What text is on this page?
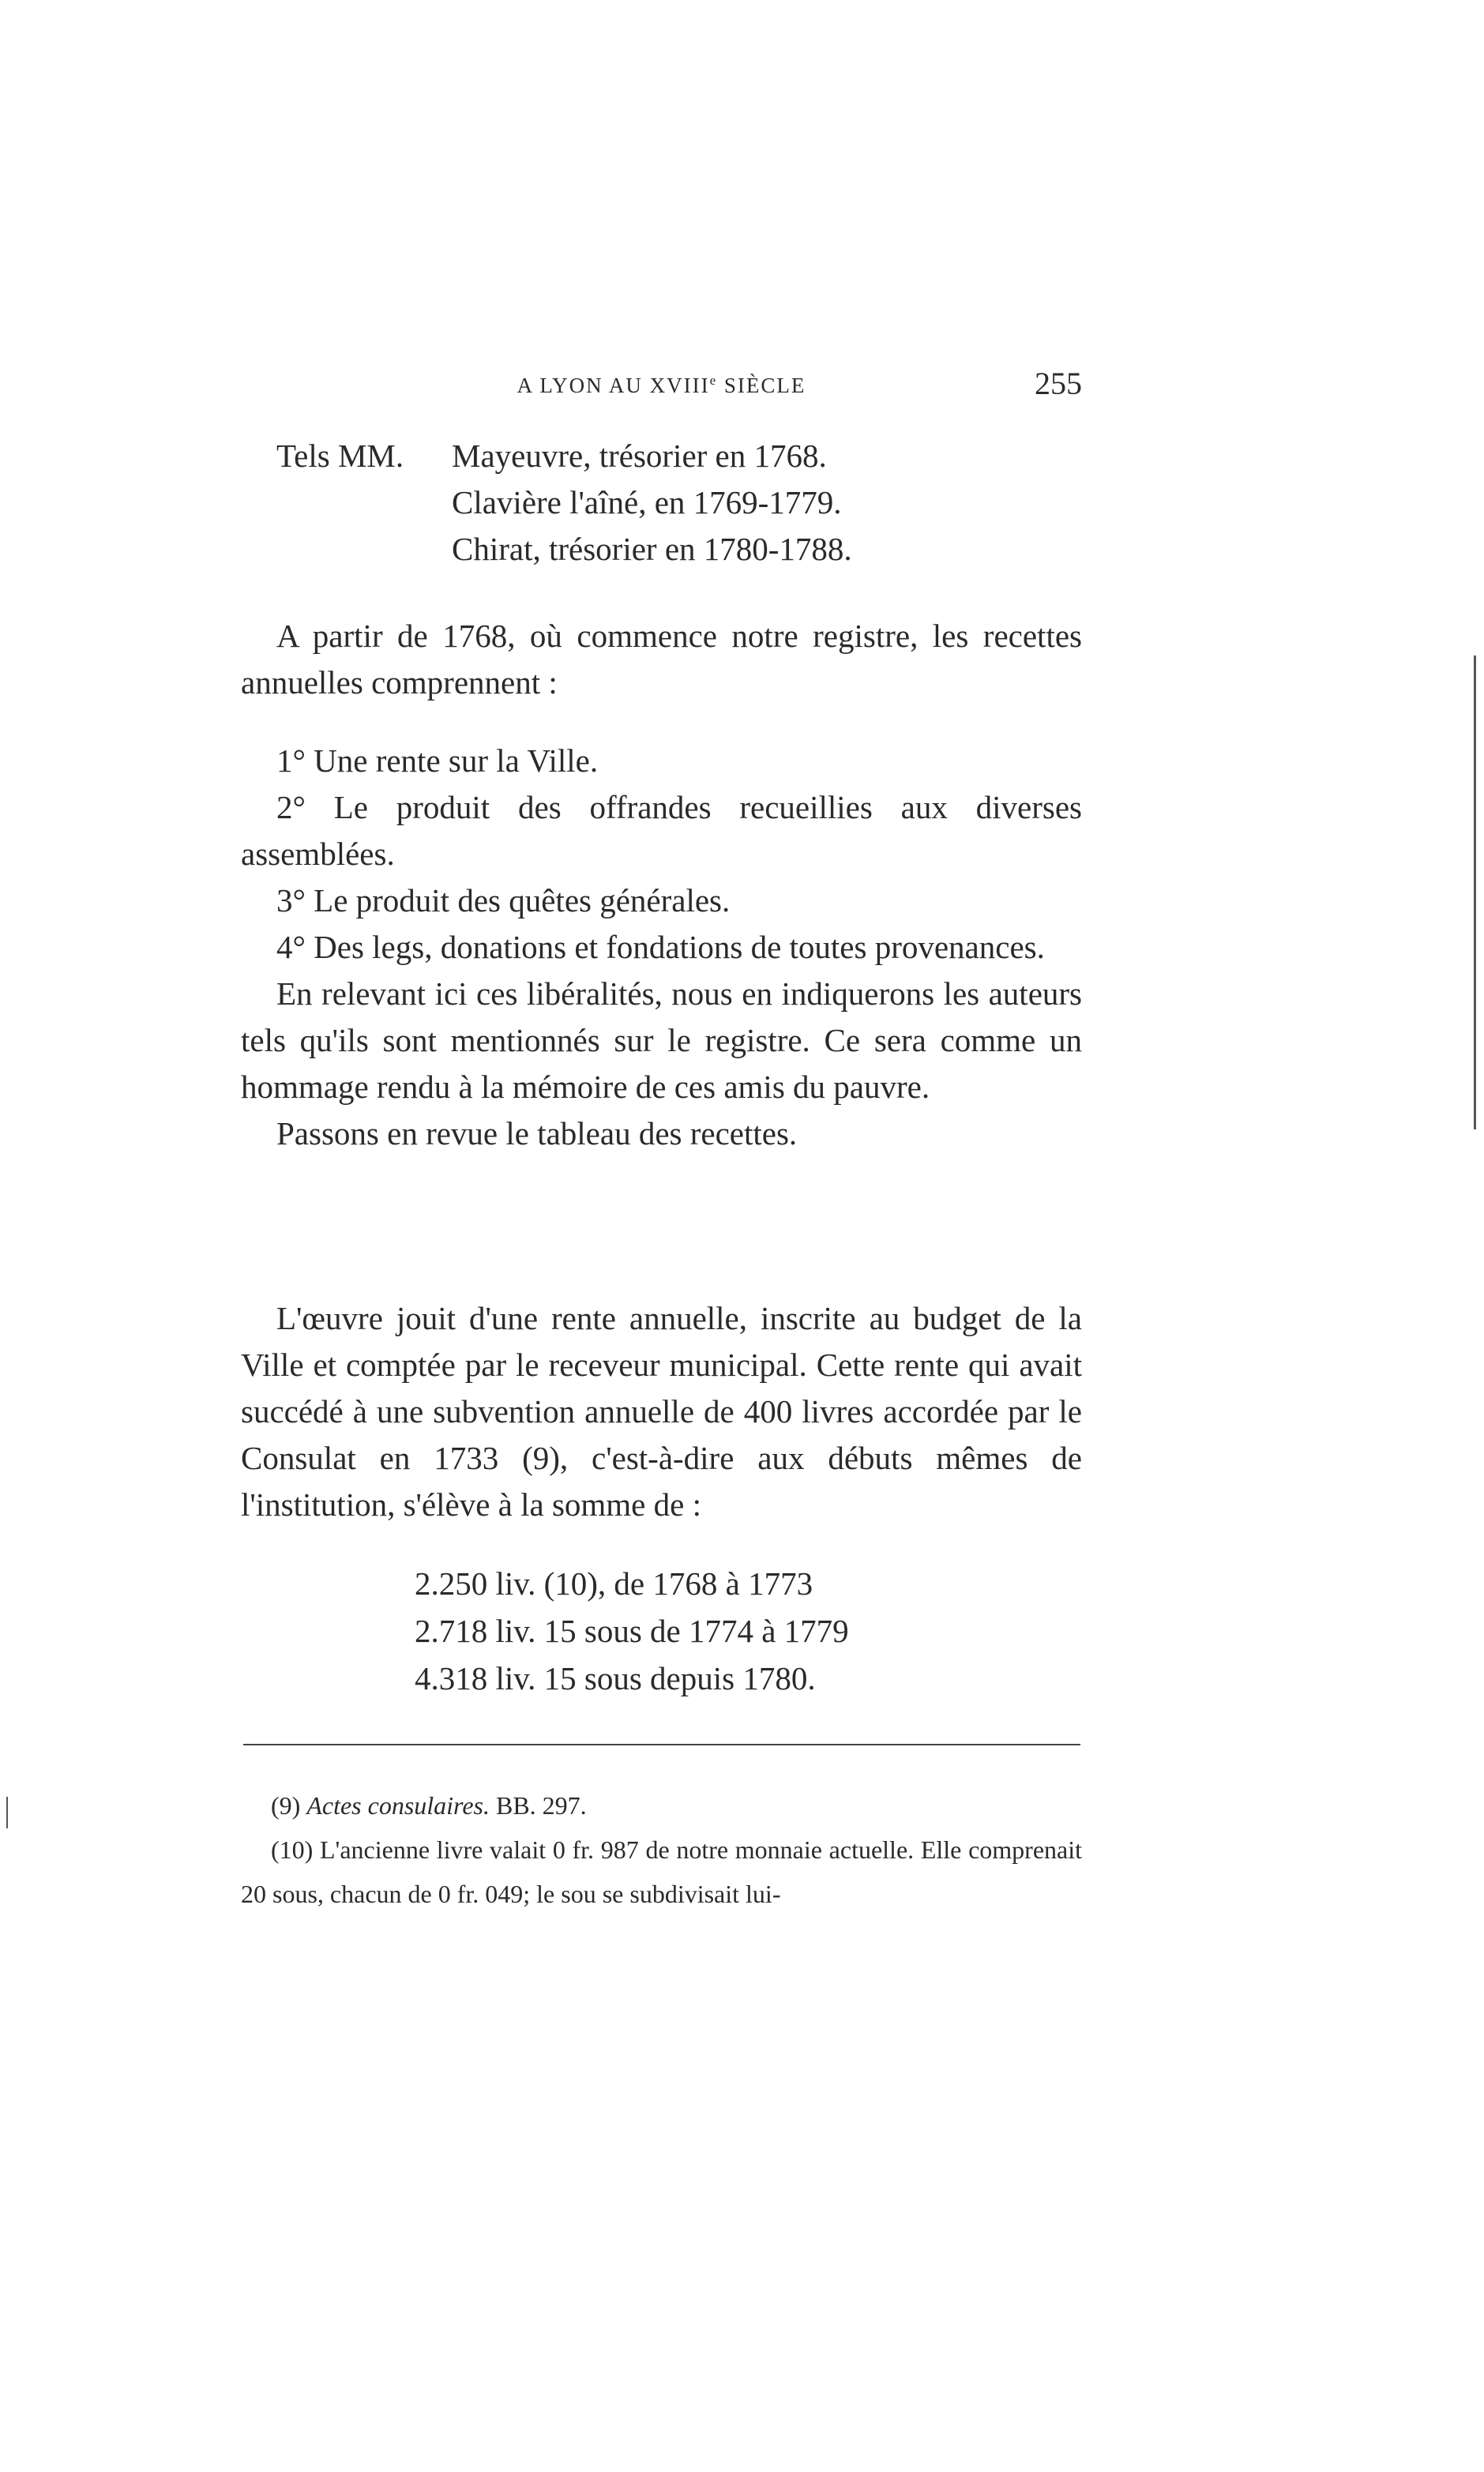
A LYON AU XVIIIe SIÈCLE	255
Tels MM. Mayeuvre, trésorier en 1768.
Clavière l'aîné, en 1769-1779.
Chirat, trésorier en 1780-1788.

A partir de 1768, où commence notre registre, les recettes annuelles comprennent :

1° Une rente sur la Ville.

2° Le produit des offrandes recueillies aux diverses assemblées.

3° Le produit des quêtes générales.

4° Des legs, donations et fondations de toutes provenances.

En relevant ici ces libéralités, nous en indiquerons les auteurs tels qu'ils sont mentionnés sur le registre. Ce sera comme un hommage rendu à la mémoire de ces amis du pauvre.

Passons en revue le tableau des recettes.

L'œuvre jouit d'une rente annuelle, inscrite au budget de la Ville et comptée par le receveur municipal. Cette rente qui avait succédé à une subvention annuelle de 400 livres accordée par le Consulat en 1733 (9), c'est-à-dire aux débuts mêmes de l'institution, s'élève à la somme de :

2.250 liv. (10), de 1768 à 1773
2.718 liv. 15 sous de 1774 à 1779
4.318 liv. 15 sous depuis 1780.

(9) Actes consulaires. BB. 297.

(10) L'ancienne livre valait 0 fr. 987 de notre monnaie actuelle. Elle comprenait 20 sous, chacun de 0 fr. 049; le sou se subdivisait lui-
